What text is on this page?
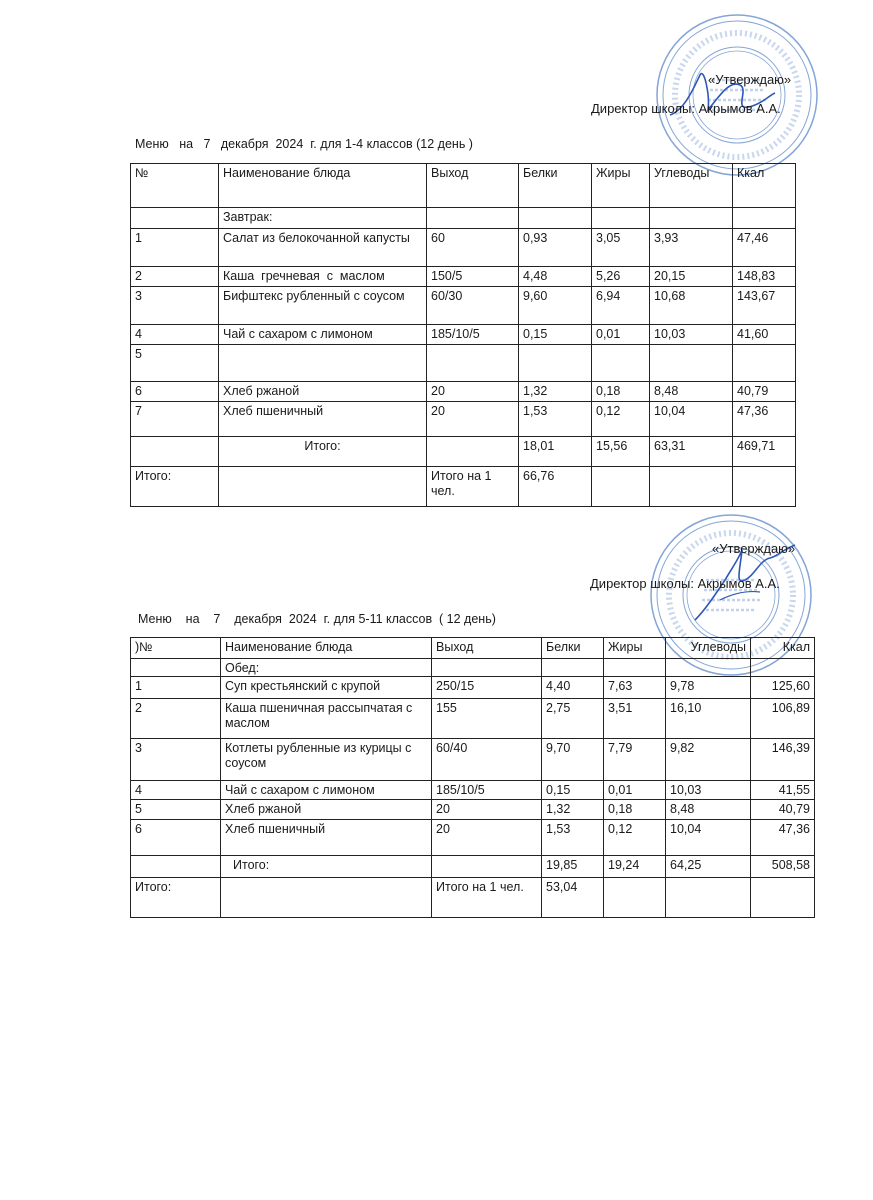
«Утверждаю»
Директор школы: Акрымов А.А.
Меню   на   7   декабря  2024  г. для 1-4 классов (12 день )
№	Наименование блюда	Выход	Белки	Жиры	Углеводы	Ккал
	Завтрак:					
1	Салат из белокочанной капусты	60	0,93	3,05	3,93	47,46
2	Каша  гречневая  с  маслом	150/5	4,48	5,26	20,15	148,83
3	Бифштекс рубленный с соусом	60/30	9,60	6,94	10,68	143,67
4	Чай с сахаром с лимоном	185/10/5	0,15	0,01	10,03	41,60
5						
6	Хлеб ржаной	20	1,32	0,18	8,48	40,79
7	Хлеб пшеничный	20	1,53	0,12	10,04	47,36
	Итого:		18,01	15,56	63,31	469,71
Итого:		Итого на 1 чел.	66,76			
«Утверждаю»
Директор школы: Акрымов А.А.
Меню    на    7    декабря  2024  г. для 5-11 классов  ( 12 день)
)№	Наименование блюда	Выход	Белки	Жиры	Углеводы	Ккал
	Обед:					
1	Суп крестьянский с крупой	250/15	4,40	7,63	9,78	125,60
2	Каша пшеничная рассыпчатая с маслом	155	2,75	3,51	16,10	106,89
3	Котлеты рубленные из курицы с соусом	60/40	9,70	7,79	9,82	146,39
4	Чай с сахаром с лимоном	185/10/5	0,15	0,01	10,03	41,55
5	Хлеб ржаной	20	1,32	0,18	8,48	40,79
6	Хлеб пшеничный	20	1,53	0,12	10,04	47,36
	Итого:		19,85	19,24	64,25	508,58
Итого:		Итого на 1 чел.	53,04			
